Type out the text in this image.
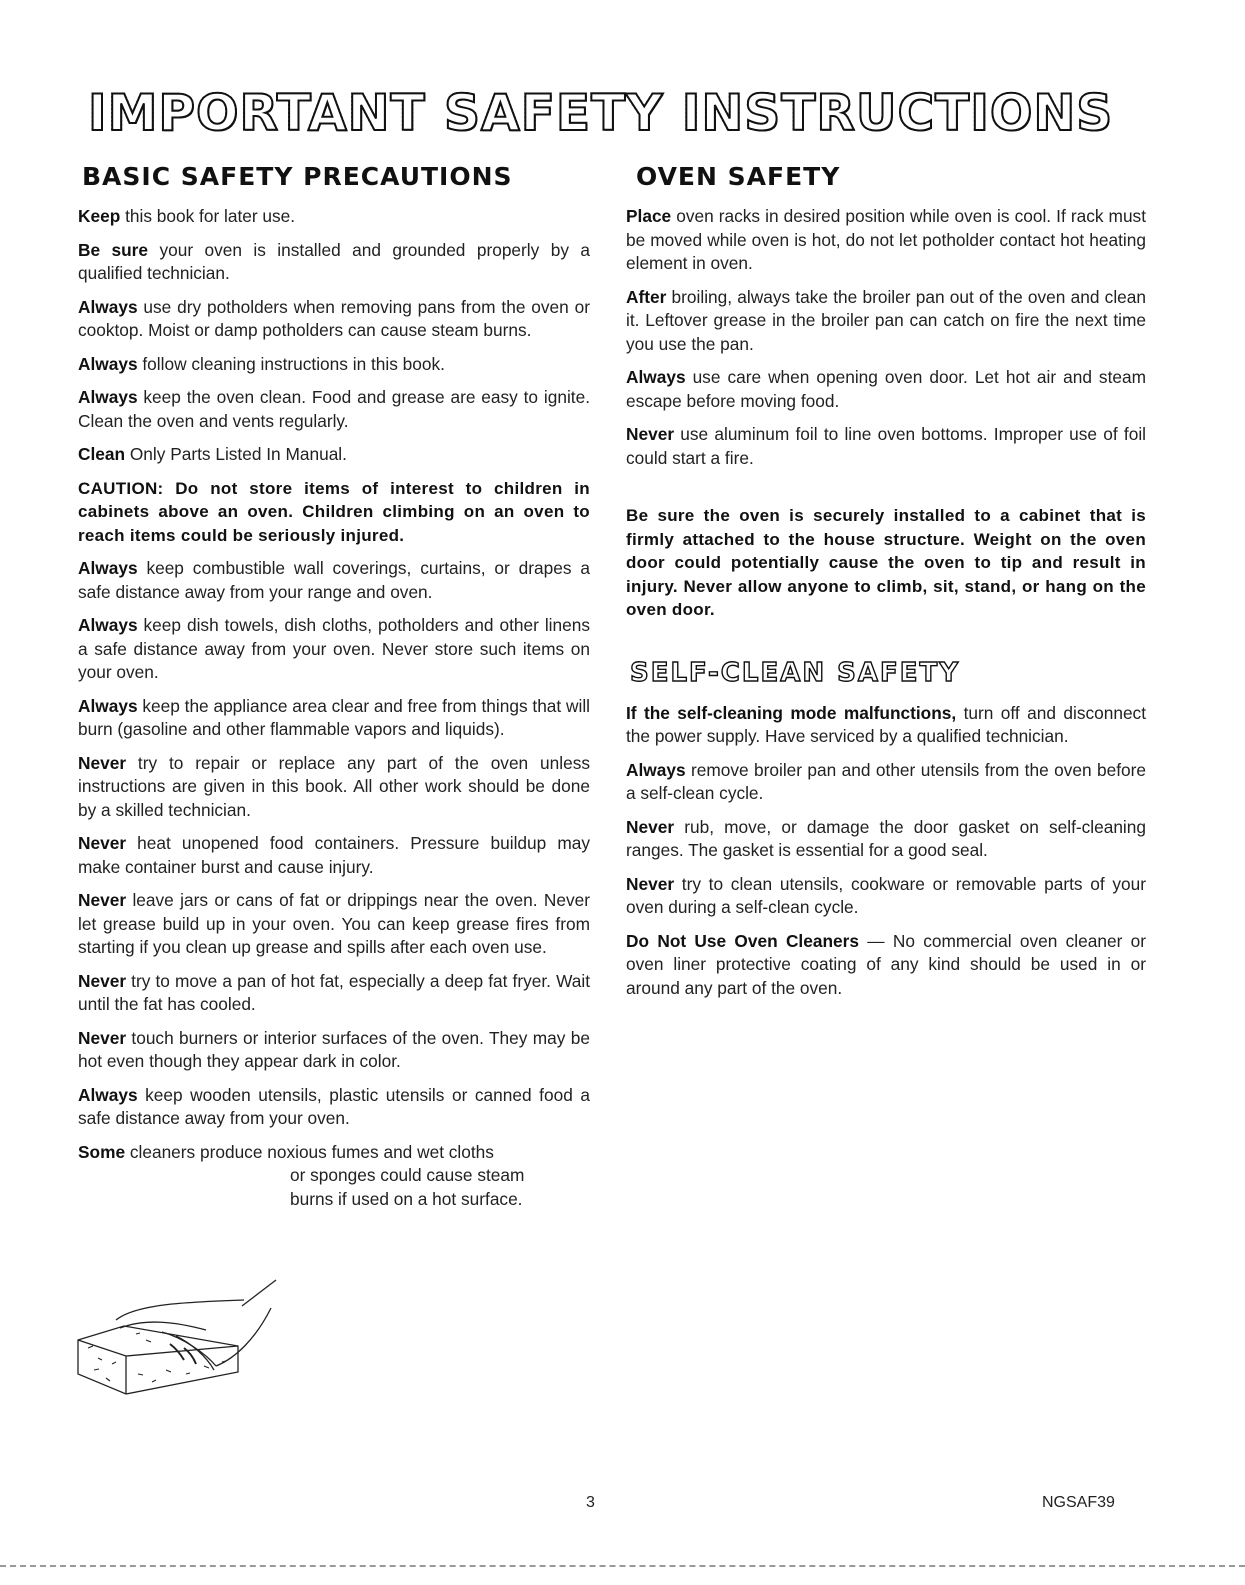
IMPORTANT SAFETY INSTRUCTIONS
BASIC SAFETY PRECAUTIONS

Keep this book for later use.

Be sure your oven is installed and grounded properly by a qualified technician.

Always use dry potholders when removing pans from the oven or cooktop. Moist or damp potholders can cause steam burns.

Always follow cleaning instructions in this book.

Always keep the oven clean. Food and grease are easy to ignite. Clean the oven and vents regularly.

Clean Only Parts Listed In Manual.

CAUTION: Do not store items of interest to children in cabinets above an oven. Children climbing on an oven to reach items could be seriously injured.

Always keep combustible wall coverings, curtains, or drapes a safe distance away from your range and oven.

Always keep dish towels, dish cloths, potholders and other linens a safe distance away from your oven. Never store such items on your oven.

Always keep the appliance area clear and free from things that will burn (gasoline and other flammable vapors and liquids).

Never try to repair or replace any part of the oven unless instructions are given in this book. All other work should be done by a skilled technician.

Never heat unopened food containers. Pressure buildup may make container burst and cause injury.

Never leave jars or cans of fat or drippings near the oven. Never let grease build up in your oven. You can keep grease fires from starting if you clean up grease and spills after each oven use.

Never try to move a pan of hot fat, especially a deep fat fryer. Wait until the fat has cooled.

Never touch burners or interior surfaces of the oven. They may be hot even though they appear dark in color.

Always keep wooden utensils, plastic utensils or canned food a safe distance away from your oven.

Some cleaners produce noxious fumes and wet cloths

or sponges could cause steam

burns if used on a hot surface.

OVEN SAFETY

Place oven racks in desired position while oven is cool. If rack must be moved while oven is hot, do not let potholder contact hot heating element in oven.

After broiling, always take the broiler pan out of the oven and clean it. Leftover grease in the broiler pan can catch on fire the next time you use the pan.

Always use care when opening oven door. Let hot air and steam escape before moving food.

Never use aluminum foil to line oven bottoms. Improper use of foil could start a fire.

Be sure the oven is securely installed to a cabinet that is firmly attached to the house structure. Weight on the oven door could potentially cause the oven to tip and result in injury. Never allow anyone to climb, sit, stand, or hang on the oven door.

SELF-CLEAN SAFETY

If the self-cleaning mode malfunctions, turn off and disconnect the power supply. Have serviced by a qualified technician.

Always remove broiler pan and other utensils from the oven before a self-clean cycle.

Never rub, move, or damage the door gasket on self-cleaning ranges. The gasket is essential for a good seal.

Never try to clean utensils, cookware or removable parts of your oven during a self-clean cycle.

Do Not Use Oven Cleaners — No commercial oven cleaner or oven liner protective coating of any kind should be used in or around any part of the oven.

3	NGSAF39
